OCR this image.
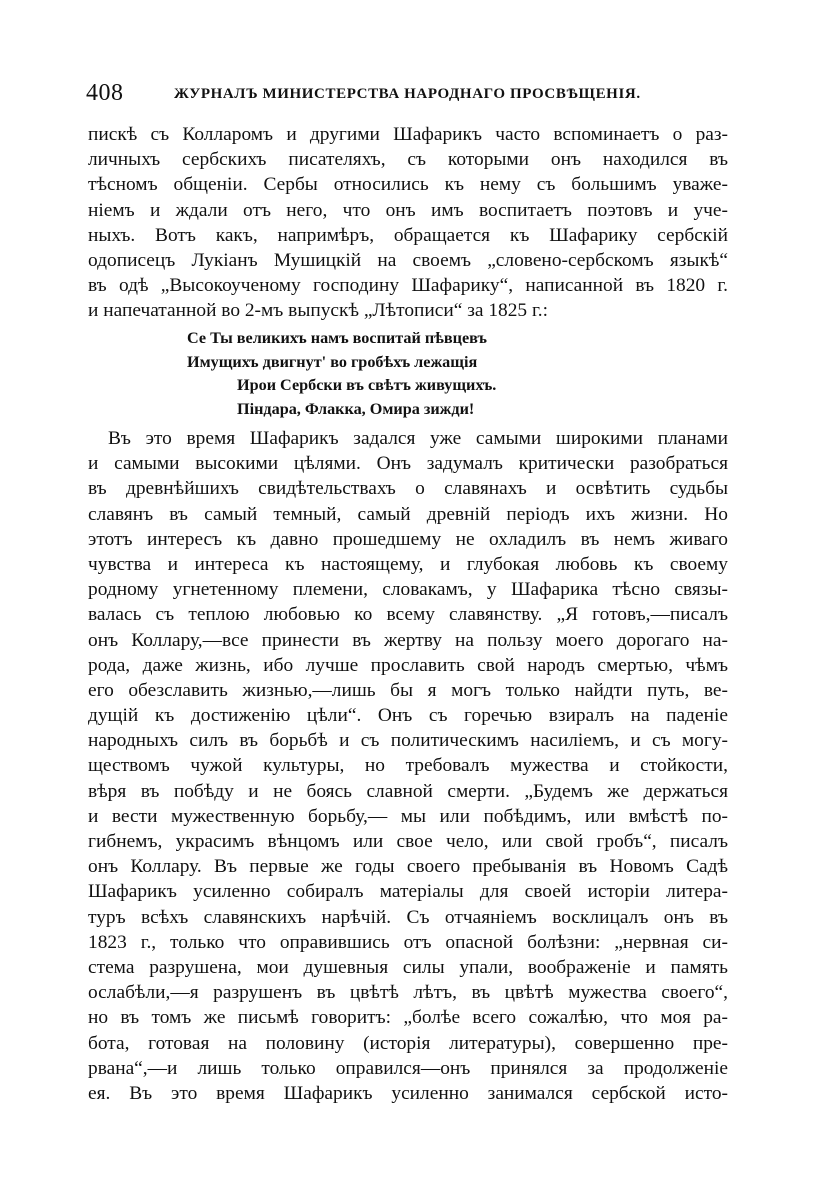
408	ЖУРНАЛЪ МИНИСТЕРСТВА НАРОДНАГО ПРОСВѢЩЕНІЯ.
пискѣ съ Колларомъ и другими Шафарикъ часто вспоминаетъ о раз-
личныхъ сербскихъ писателяхъ, съ которыми онъ находился въ
тѣсномъ общеніи. Сербы относились къ нему съ большимъ уваже-
ніемъ и ждали отъ него, что онъ имъ воспитаетъ поэтовъ и уче-
ныхъ. Вотъ какъ, напримѣръ, обращается къ Шафарику сербскій
одописецъ Лукіанъ Мушицкій на своемъ „словено-сербскомъ языкѣ“
въ одѣ „Высокоученому господину Шафарику“, написанной въ 1820 г.
и напечатанной во 2-мъ выпускѣ „Лѣтописи“ за 1825 г.:
Се Ты великихъ намъ воспитай пѣвцевъ
Имущихъ двигнут' во гробѣхъ лежащія
Ирои Сербски въ свѣтъ живущихъ.
Піндара, Флакка, Омира зижди!
Въ это время Шафарикъ задался уже самыми широкими планами
и самыми высокими цѣлями. Онъ задумалъ критически разобраться
въ древнѣйшихъ свидѣтельствахъ о славянахъ и освѣтить судьбы
славянъ въ самый темный, самый древній періодъ ихъ жизни. Но
этотъ интересъ къ давно прошедшему не охладилъ въ немъ живаго
чувства и интереса къ настоящему, и глубокая любовь къ своему
родному угнетенному племени, словакамъ, у Шафарика тѣсно связы-
валась съ теплою любовью ко всему славянству. „Я готовъ,—писалъ
онъ Коллару,—все принести въ жертву на пользу моего дорогаго на-
рода, даже жизнь, ибо лучше прославить свой народъ смертью, чѣмъ
его обезславить жизнью,—лишь бы я могъ только найдти путь, ве-
дущій къ достиженію цѣли“. Онъ съ горечью взиралъ на паденіе
народныхъ силъ въ борьбѣ и съ политическимъ насиліемъ, и съ могу-
ществомъ чужой культуры, но требовалъ мужества и стойкости,
вѣря въ побѣду и не боясь славной смерти. „Будемъ же держаться
и вести мужественную борьбу,— мы или побѣдимъ, или вмѣстѣ по-
гибнемъ, украсимъ вѣнцомъ или свое чело, или свой гробъ“, писалъ
онъ Коллару. Въ первые же годы своего пребыванія въ Новомъ Садѣ
Шафарикъ усиленно собиралъ матеріалы для своей исторіи литера-
туръ всѣхъ славянскихъ нарѣчій. Съ отчаяніемъ восклицалъ онъ въ
1823 г., только что оправившись отъ опасной болѣзни: „нервная си-
стема разрушена, мои душевныя силы упали, воображеніе и память
ослабѣли,—я разрушенъ въ цвѣтѣ лѣтъ, въ цвѣтѣ мужества своего“,
но въ томъ же письмѣ говоритъ: „болѣе всего сожалѣю, что моя ра-
бота, готовая на половину (исторія литературы), совершенно пре-
рвана“,—и лишь только оправился—онъ принялся за продолженіе
ея. Въ это время Шафарикъ усиленно занимался сербской исто-
